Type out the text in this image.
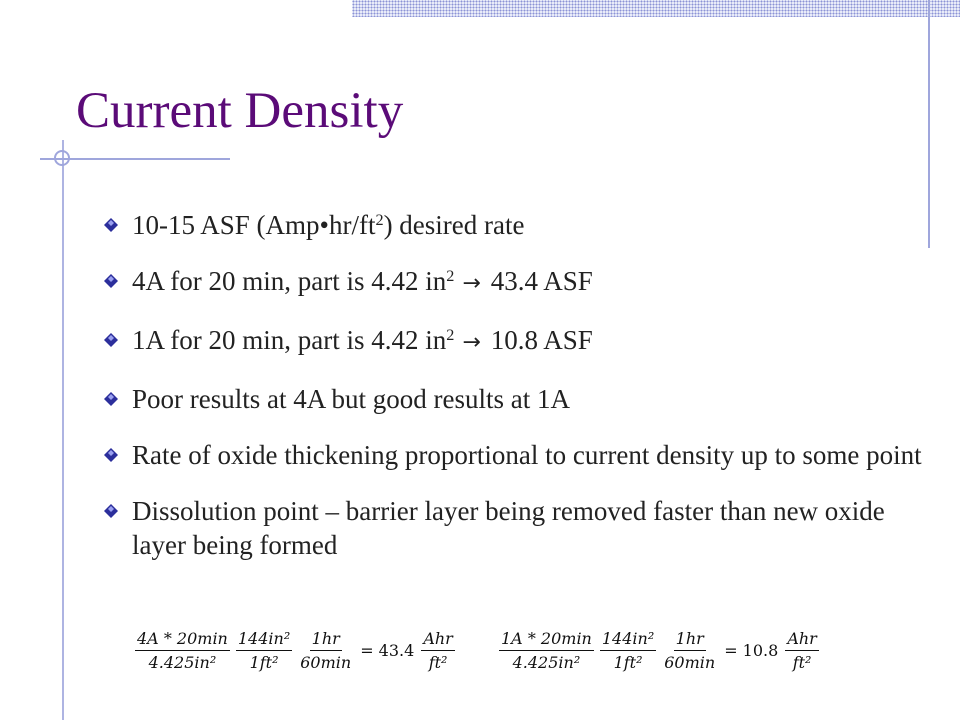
Current Density
10-15 ASF $(Amp•hr/ft^2)$ desired rate
4A for 20 min, part is 4.42 $in^2 \to 43.4$ ASF
1A for 20 min, part is 4.42 $in^2 \to 10.8$ ASF
Poor results at 4A but good results at 1A
Rate of oxide thickening proportional to current density up to some point
Dissolution point – barrier layer being removed faster than new oxide layer being formed
$\frac{4A * 20\min}{\text{4.425in²}} \frac{\text{144in²}}{\text{1ft²}} \frac{1hr}{60\min} = 43.4 \frac{\text{Ahr}}{\text{ft²}}$	$\frac{1A * 20\min}{\text{4.425in²}} \frac{\text{144in²}}{\text{1ft²}} \frac{1hr}{60\min} = 10.8 \frac{\text{Ahr}}{\text{ft²}}$
